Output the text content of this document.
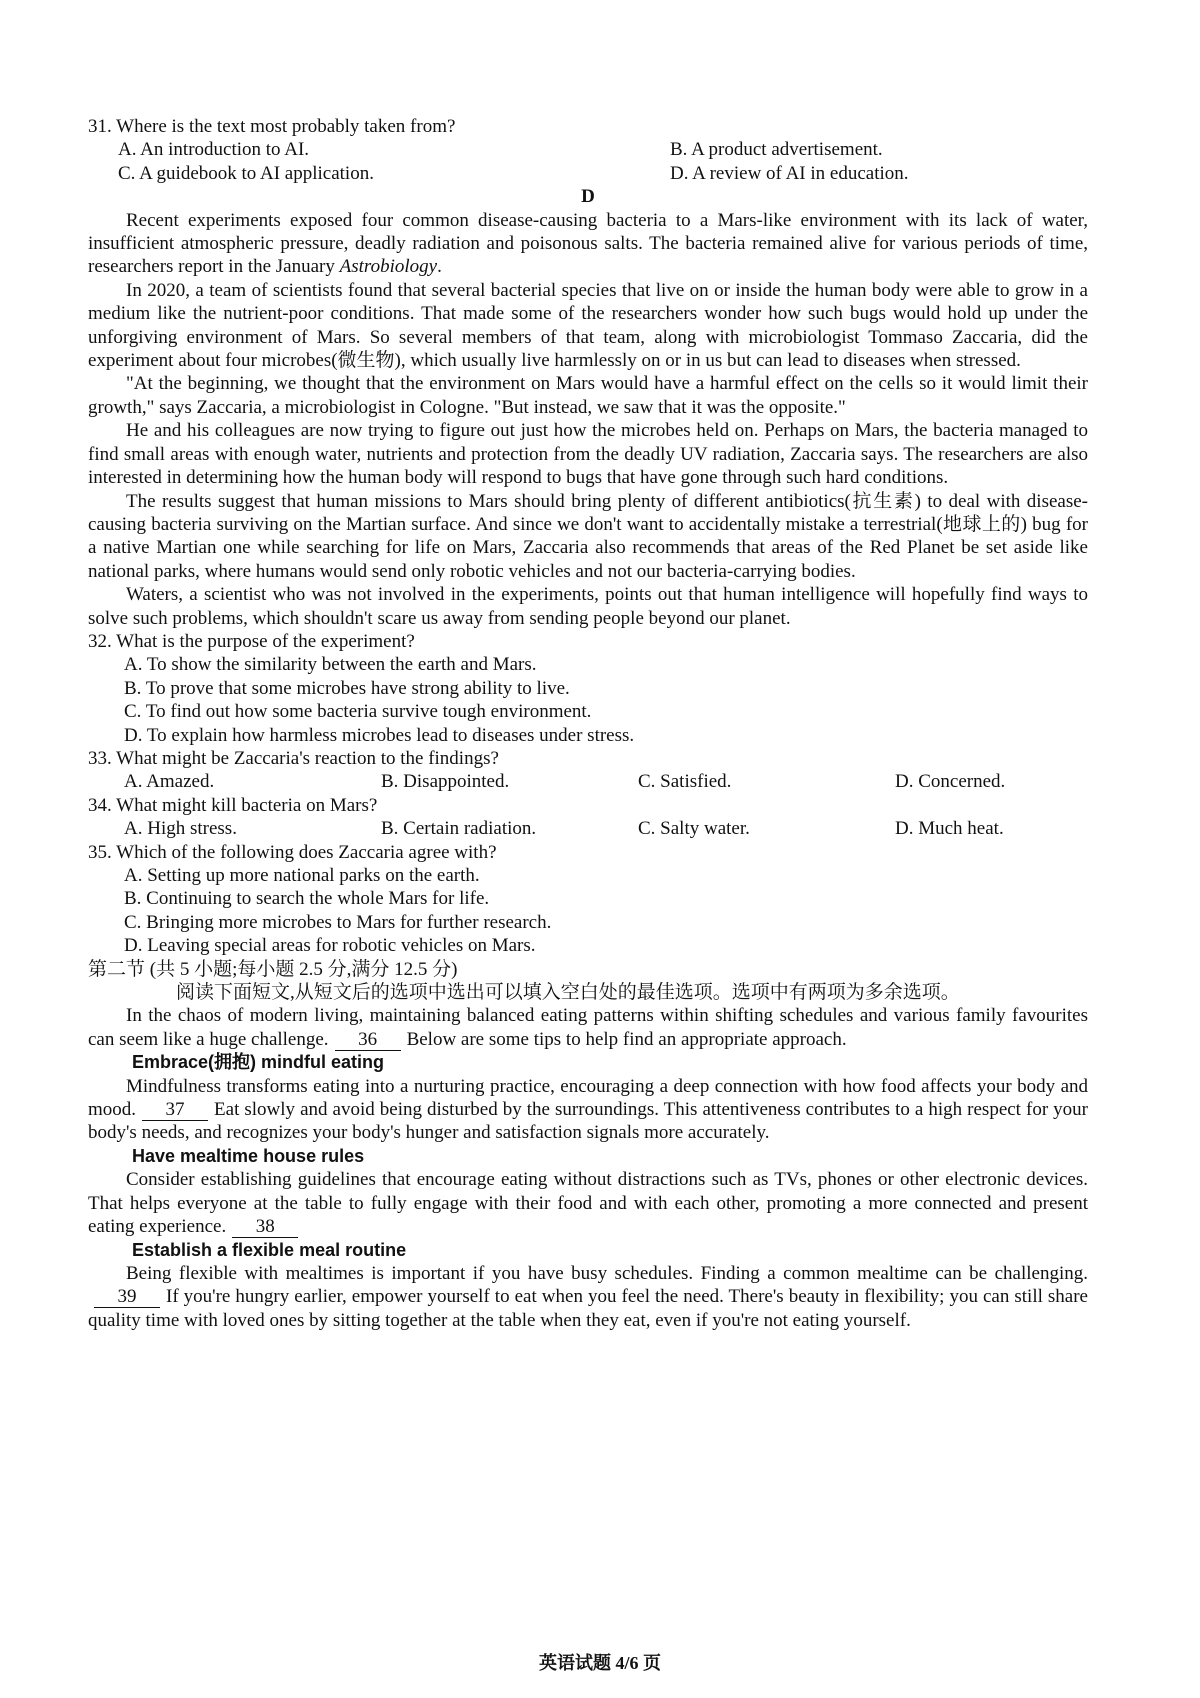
31. Where is the text most probably taken from?
A. An introduction to AI.	B. A product advertisement.
C. A guidebook to AI application.	D. A review of AI in education.
D

Recent experiments exposed four common disease-causing bacteria to a Mars-like environment with its lack of water, insufficient atmospheric pressure, deadly radiation and poisonous salts. The bacteria remained alive for various periods of time, researchers report in the January Astrobiology.

In 2020, a team of scientists found that several bacterial species that live on or inside the human body were able to grow in a medium like the nutrient-poor conditions. That made some of the researchers wonder how such bugs would hold up under the unforgiving environment of Mars. So several members of that team, along with microbiologist Tommaso Zaccaria, did the experiment about four microbes(微生物), which usually live harmlessly on or in us but can lead to diseases when stressed.

"At the beginning, we thought that the environment on Mars would have a harmful effect on the cells so it would limit their growth," says Zaccaria, a microbiologist in Cologne. "But instead, we saw that it was the opposite."

He and his colleagues are now trying to figure out just how the microbes held on. Perhaps on Mars, the bacteria managed to find small areas with enough water, nutrients and protection from the deadly UV radiation, Zaccaria says. The researchers are also interested in determining how the human body will respond to bugs that have gone through such hard conditions.

The results suggest that human missions to Mars should bring plenty of different antibiotics(抗生素) to deal with disease-causing bacteria surviving on the Martian surface. And since we don't want to accidentally mistake a terrestrial(地球上的) bug for a native Martian one while searching for life on Mars, Zaccaria also recommends that areas of the Red Planet be set aside like national parks, where humans would send only robotic vehicles and not our bacteria-carrying bodies.

Waters, a scientist who was not involved in the experiments, points out that human intelligence will hopefully find ways to solve such problems, which shouldn't scare us away from sending people beyond our planet.

32. What is the purpose of the experiment?
A. To show the similarity between the earth and Mars.
B. To prove that some microbes have strong ability to live.
C. To find out how some bacteria survive tough environment.
D. To explain how harmless microbes lead to diseases under stress.
33. What might be Zaccaria's reaction to the findings?
A. Amazed.	B. Disappointed.	C. Satisfied.	D. Concerned.
34. What might kill bacteria on Mars?
A. High stress.	B. Certain radiation.	C. Salty water.	D. Much heat.
35. Which of the following does Zaccaria agree with?
A. Setting up more national parks on the earth.
B. Continuing to search the whole Mars for life.
C. Bringing more microbes to Mars for further research.
D. Leaving special areas for robotic vehicles on Mars.
第二节 (共 5 小题;每小题 2.5 分,满分 12.5 分)
阅读下面短文,从短文后的选项中选出可以填入空白处的最佳选项。选项中有两项为多余选项。

In the chaos of modern living, maintaining balanced eating patterns within shifting schedules and various family favourites can seem like a huge challenge. 36 Below are some tips to help find an appropriate approach.

Embrace(拥抱) mindful eating

Mindfulness transforms eating into a nurturing practice, encouraging a deep connection with how food affects your body and mood. 37 Eat slowly and avoid being disturbed by the surroundings. This attentiveness contributes to a high respect for your body's needs, and recognizes your body's hunger and satisfaction signals more accurately.

Have mealtime house rules

Consider establishing guidelines that encourage eating without distractions such as TVs, phones or other electronic devices. That helps everyone at the table to fully engage with their food and with each other, promoting a more connected and present eating experience. 38

Establish a flexible meal routine

Being flexible with mealtimes is important if you have busy schedules. Finding a common mealtime can be challenging.39 If you're hungry earlier, empower yourself to eat when you feel the need. There's beauty in flexibility; you can still share quality time with loved ones by sitting together at the table when they eat, even if you're not eating yourself.

英语试题 4/6 页
